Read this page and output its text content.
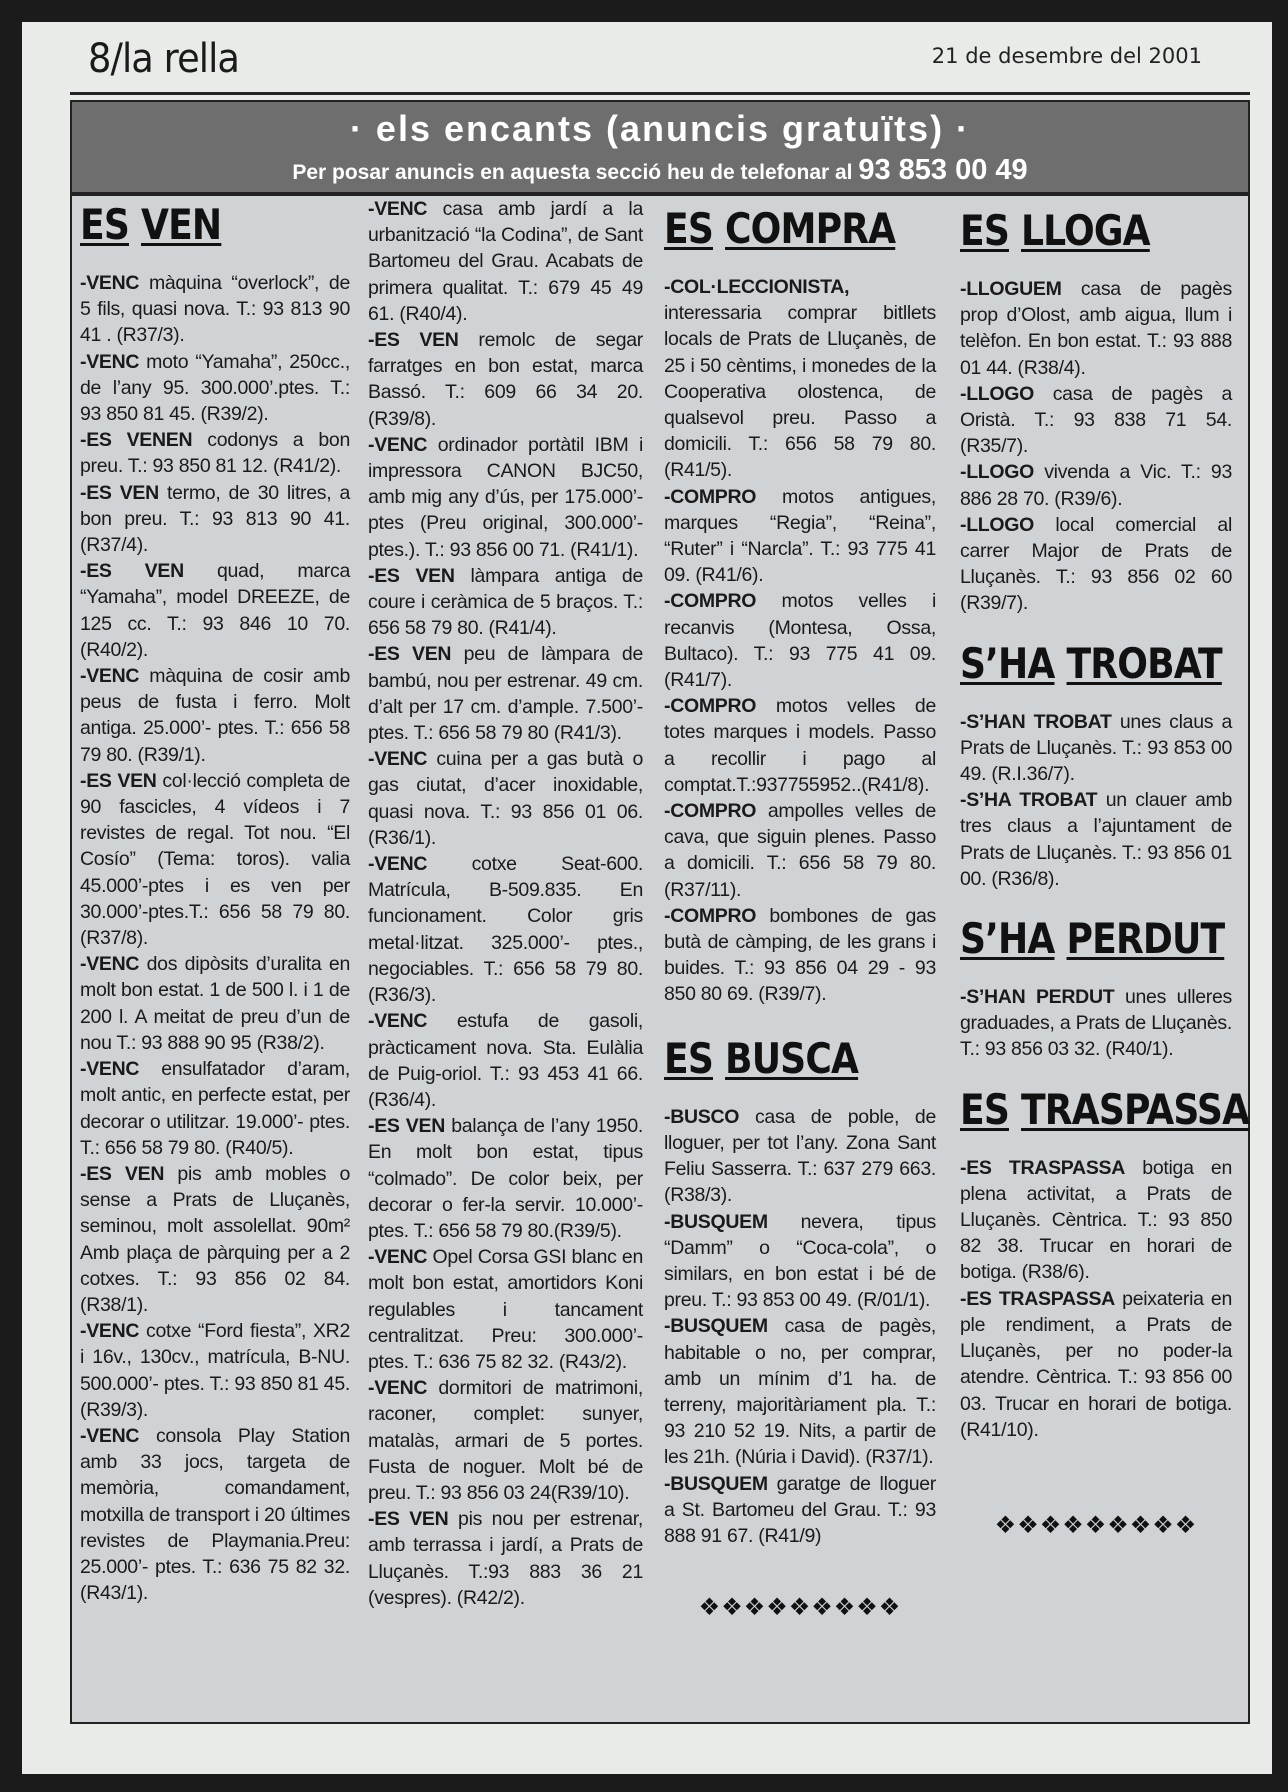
8/la rella	21 de desembre del 2001
· els encants (anuncis gratuïts) ·
Per posar anuncis en aquesta secció heu de telefonar al 93 853 00 49
ES VEN

-VENC màquina “overlock”, de 5 fils, quasi nova. T.: 93 813 90 41 . (R37/3).

-VENC moto “Yamaha”, 250cc., de l’any 95. 300.000’.ptes. T.: 93 850 81 45. (R39/2).

-ES VENEN codonys a bon preu. T.: 93 850 81 12. (R41/2).

-ES VEN termo, de 30 litres, a bon preu. T.: 93 813 90 41. (R37/4).

-ES VEN quad, marca “Yamaha”, model DREEZE, de 125 cc. T.: 93 846 10 70. (R40/2).

-VENC màquina de cosir amb peus de fusta i ferro. Molt antiga. 25.000’- ptes. T.: 656 58 79 80. (R39/1).

-ES VEN col·lecció completa de 90 fascicles, 4 vídeos i 7 revistes de regal. Tot nou. “El Cosío” (Tema: toros). valia 45.000’-ptes i es ven per 30.000’-ptes.T.: 656 58 79 80. (R37/8).

-VENC dos dipòsits d’uralita en molt bon estat. 1 de 500 l. i 1 de 200 l. A meitat de preu d’un de nou T.: 93 888 90 95 (R38/2).

-VENC ensulfatador d’aram, molt antic, en perfecte estat, per decorar o utilitzar. 19.000’- ptes. T.: 656 58 79 80. (R40/5).

-ES VEN pis amb mobles o sense a Prats de Lluçanès, seminou, molt assolellat. 90m² Amb plaça de pàrquing per a 2 cotxes. T.: 93 856 02 84.(R38/1).

-VENC cotxe “Ford fiesta”, XR2 i 16v., 130cv., matrícula, B-NU. 500.000’- ptes. T.: 93 850 81 45. (R39/3).

-VENC consola Play Station amb 33 jocs, targeta de memòria, comandament, motxilla de transport i 20 últimes revistes de Playmania.Preu: 25.000’- ptes. T.: 636 75 82 32. (R43/1).

-VENC casa amb jardí a la urbanització “la Codina”, de Sant Bartomeu del Grau. Acabats de primera qualitat. T.: 679 45 49 61. (R40/4).

-ES VEN remolc de segar farratges en bon estat, marca Bassó. T.: 609 66 34 20. (R39/8).

-VENC ordinador portàtil IBM i impressora CANON BJC50, amb mig any d’ús, per 175.000’-ptes (Preu original, 300.000’-ptes.). T.: 93 856 00 71. (R41/1).

-ES VEN làmpara antiga de coure i ceràmica de 5 braços. T.: 656 58 79 80. (R41/4).

-ES VEN peu de làmpara de bambú, nou per estrenar. 49 cm. d’alt per 17 cm. d’ample. 7.500’-ptes. T.: 656 58 79 80 (R41/3).

-VENC cuina per a gas butà o gas ciutat, d’acer inoxidable, quasi nova. T.: 93 856 01 06. (R36/1).

-VENC cotxe Seat-600. Matrícula, B-509.835. En funcionament. Color gris metal·litzat. 325.000’- ptes., negociables. T.: 656 58 79 80.(R36/3).

-VENC estufa de gasoli, pràcticament nova. Sta. Eulàlia de Puig-oriol. T.: 93 453 41 66. (R36/4).

-ES VEN balança de l’any 1950. En molt bon estat, tipus “colmado”. De color beix, per decorar o fer-la servir. 10.000’- ptes. T.: 656 58 79 80.(R39/5).

-VENC Opel Corsa GSI blanc en molt bon estat, amortidors Koni regulables i tancament centralitzat. Preu: 300.000’- ptes. T.: 636 75 82 32. (R43/2).

-VENC dormitori de matrimoni, raconer, complet: sunyer, matalàs, armari de 5 portes. Fusta de noguer. Molt bé de preu. T.: 93 856 03 24(R39/10).

-ES VEN pis nou per estrenar, amb terrassa i jardí, a Prats de Lluçanès. T.:93 883 36 21 (vespres). (R42/2).

ES COMPRA

-COL·LECCIONISTA, interessaria comprar bitllets locals de Prats de Lluçanès, de 25 i 50 cèntims, i monedes de la Cooperativa olostenca, de qualsevol preu. Passo a domicili. T.: 656 58 79 80. (R41/5).

-COMPRO motos antigues, marques “Regia”, “Reina”, “Ruter” i “Narcla”. T.: 93 775 41 09. (R41/6).

-COMPRO motos velles i recanvis (Montesa, Ossa, Bultaco). T.: 93 775 41 09.(R41/7).

-COMPRO motos velles de totes marques i models. Passo a recollir i pago al comptat.T.:937755952..(R41/8).

-COMPRO ampolles velles de cava, que siguin plenes. Passo a domicili. T.: 656 58 79 80. (R37/11).

-COMPRO bombones de gas butà de càmping, de les grans i buides. T.: 93 856 04 29 - 93 850 80 69. (R39/7).

ES BUSCA

-BUSCO casa de poble, de lloguer, per tot l’any. Zona Sant Feliu Sasserra. T.: 637 279 663. (R38/3).

-BUSQUEM nevera, tipus “Damm” o “Coca-cola”, o similars, en bon estat i bé de preu. T.: 93 853 00 49. (R/01/1).

-BUSQUEM casa de pagès, habitable o no, per comprar, amb un mínim d’1 ha. de terreny, majoritàriament pla. T.: 93 210 52 19. Nits, a partir de les 21h. (Núria i David). (R37/1).

-BUSQUEM garatge de lloguer a St. Bartomeu del Grau. T.: 93 888 91 67. (R41/9)

❖❖❖❖❖❖❖❖❖
ES LLOGA

-LLOGUEM casa de pagès prop d’Olost, amb aigua, llum i telèfon. En bon estat. T.: 93 888 01 44. (R38/4).

-LLOGO casa de pagès a Oristà. T.: 93 838 71 54. (R35/7).

-LLOGO vivenda a Vic. T.: 93 886 28 70. (R39/6).

-LLOGO local comercial al carrer Major de Prats de Lluçanès. T.: 93 856 02 60 (R39/7).

S’HA TROBAT

-S’HAN TROBAT unes claus a Prats de Lluçanès. T.: 93 853 00 49. (R.I.36/7).

-S’HA TROBAT un clauer amb tres claus a l’ajuntament de Prats de Lluçanès. T.: 93 856 01 00. (R36/8).

S’HA PERDUT

-S’HAN PERDUT unes ulleres graduades, a Prats de Lluçanès. T.: 93 856 03 32. (R40/1).

ES TRASPASSA

-ES TRASPASSA botiga en plena activitat, a Prats de Lluçanès. Cèntrica. T.: 93 850 82 38. Trucar en horari de botiga. (R38/6).

-ES TRASPASSA peixateria en ple rendiment, a Prats de Lluçanès, per no poder-la atendre. Cèntrica. T.: 93 856 00 03. Trucar en horari de botiga. (R41/10).

❖❖❖❖❖❖❖❖❖
